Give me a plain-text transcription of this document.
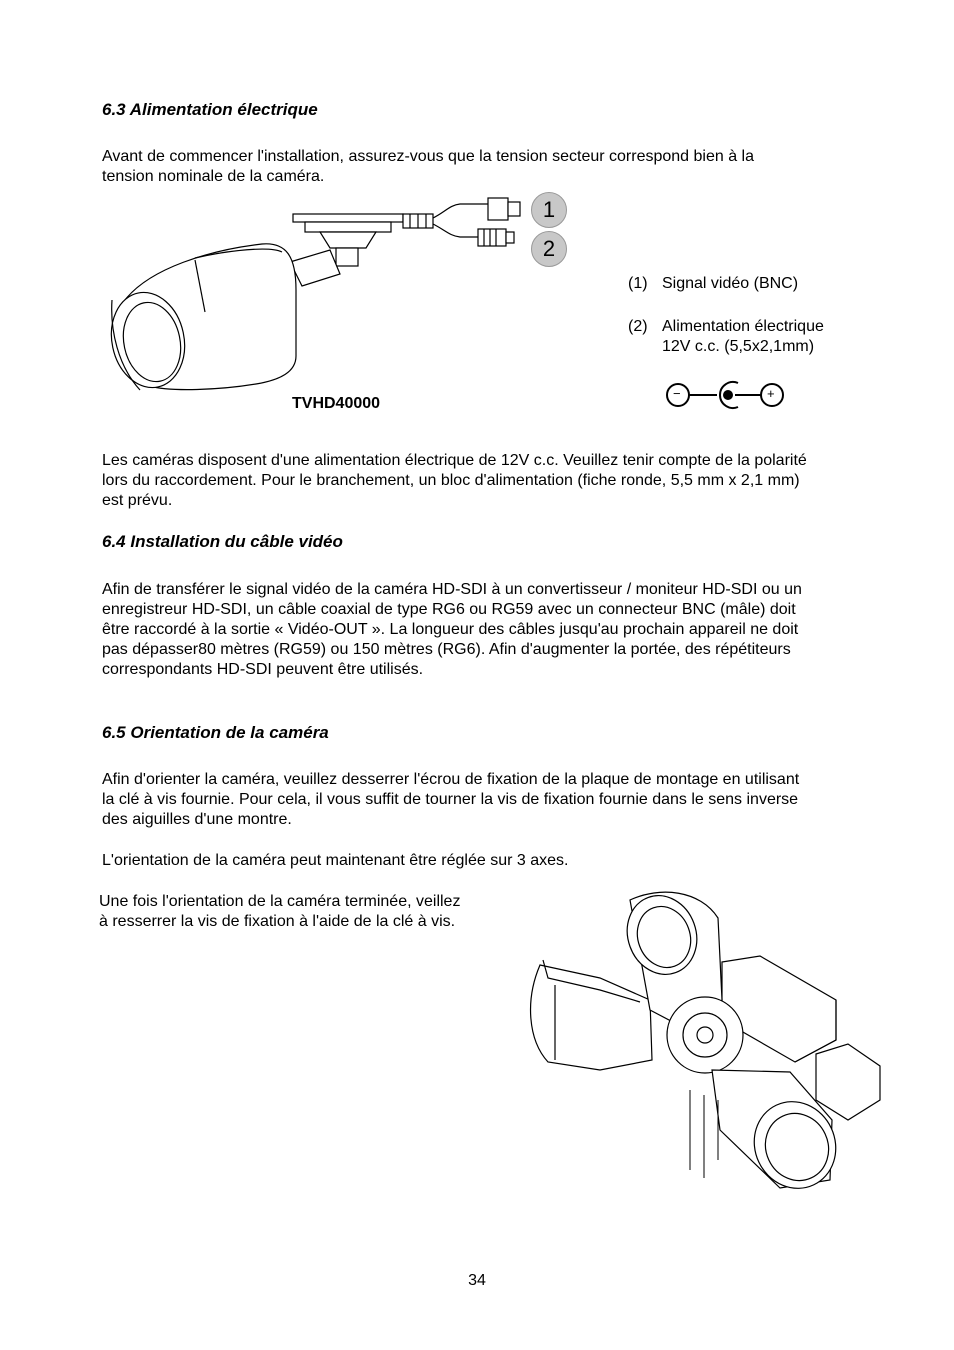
6.3 Alimentation électrique
Avant de commencer l'installation, assurez-vous que la tension secteur correspond bien à la
tension nominale de la caméra.
1
2
(1) Signal vidéo (BNC)
(2) Alimentation électrique
12V c.c. (5,5x2,1mm)
−	+
TVHD40000
Les caméras disposent d'une alimentation électrique de 12V c.c. Veuillez tenir compte de la polarité
lors du raccordement. Pour le branchement, un bloc d'alimentation (fiche ronde, 5,5 mm x 2,1 mm)
est prévu.
6.4 Installation du câble vidéo
Afin de transférer le signal vidéo de la caméra HD-SDI à un convertisseur / moniteur HD-SDI ou un
enregistreur HD-SDI, un câble coaxial de type RG6 ou RG59 avec un connecteur BNC (mâle) doit
être raccordé à la sortie « Vidéo-OUT ». La longueur des câbles jusqu'au prochain appareil ne doit
pas dépasser80 mètres (RG59) ou 150 mètres (RG6). Afin d'augmenter la portée, des répétiteurs
correspondants HD-SDI peuvent être utilisés.
6.5 Orientation de la caméra
Afin d'orienter la caméra, veuillez desserrer l'écrou de fixation de la plaque de montage en utilisant
la clé à vis fournie. Pour cela, il vous suffit de tourner la vis de fixation fournie dans le sens inverse
des aiguilles d'une montre.
L'orientation de la caméra peut maintenant être réglée sur 3 axes.
Une fois l'orientation de la caméra terminée, veillez
à resserrer la vis de fixation à l'aide de la clé à vis.
34
